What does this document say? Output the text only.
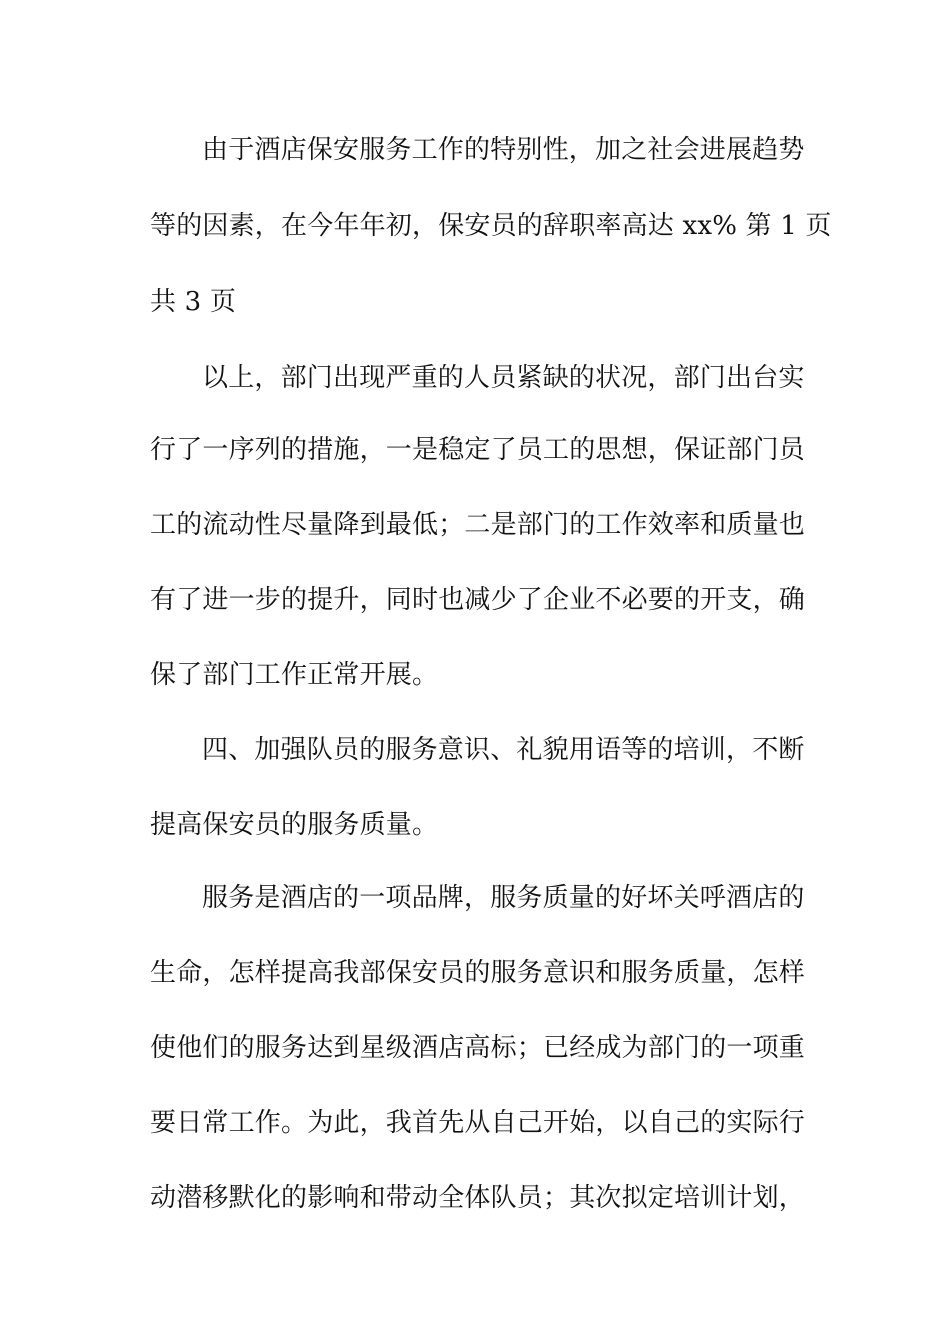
由于酒店保安服务工作的特别性，加之社会进展趋势
等的因素，在今年年初，保安员的辞职率高达 xx% 第 1 页
共 3 页
以上，部门出现严重的人员紧缺的状况，部门出台实
行了一序列的措施，一是稳定了员工的思想，保证部门员
工的流动性尽量降到最低；二是部门的工作效率和质量也
有了进一步的提升，同时也减少了企业不必要的开支，确
保了部门工作正常开展。
四、加强队员的服务意识、礼貌用语等的培训，不断
提高保安员的服务质量。
服务是酒店的一项品牌，服务质量的好坏关呼酒店的
生命，怎样提高我部保安员的服务意识和服务质量，怎样
使他们的服务达到星级酒店高标；已经成为部门的一项重
要日常工作。为此，我首先从自己开始，以自己的实际行
动潜移默化的影响和带动全体队员；其次拟定培训计划，
